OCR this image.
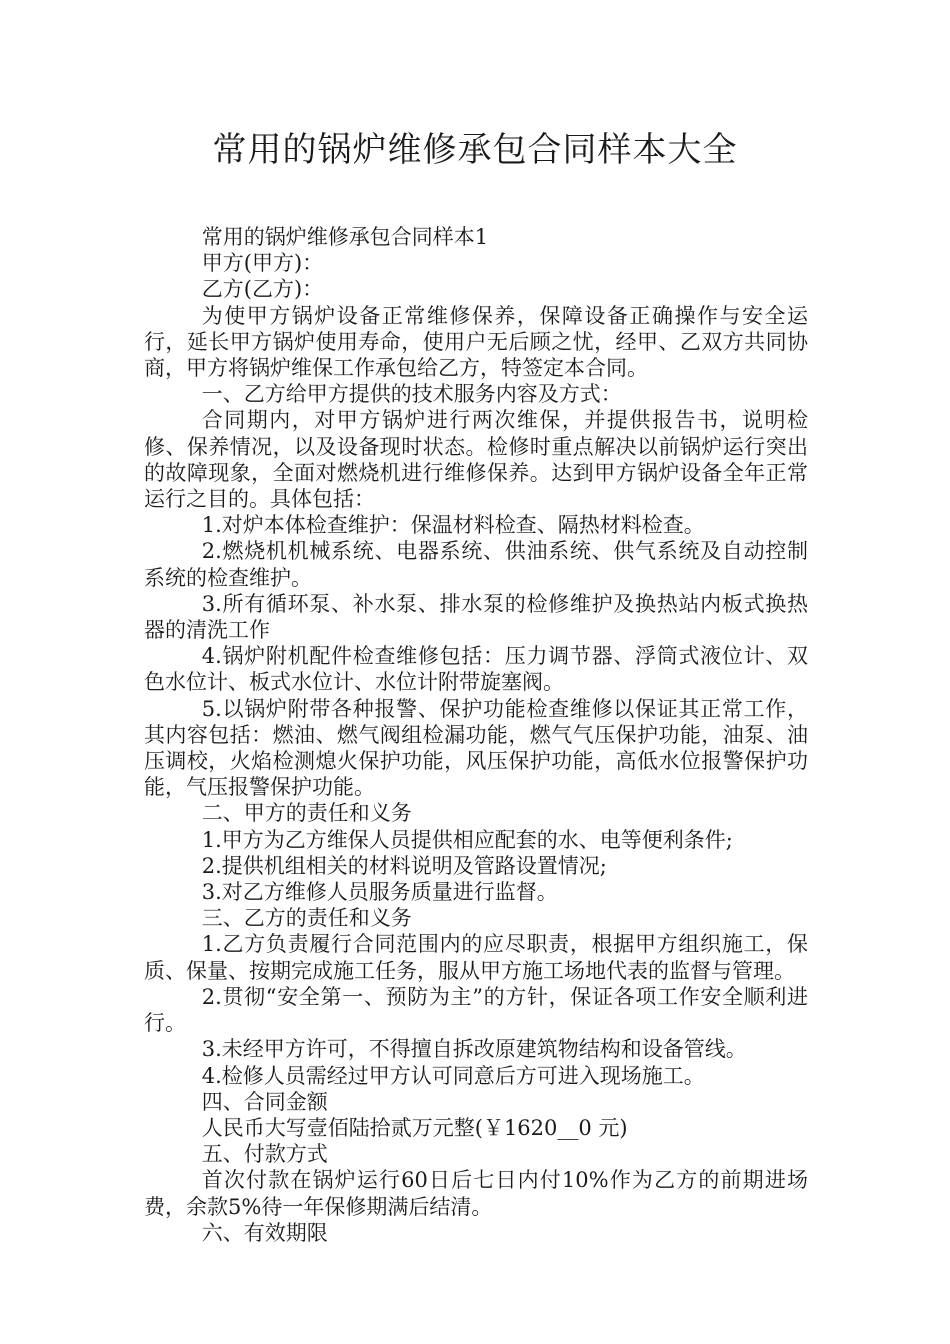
常用的锅炉维修承包合同样本大全

常用的锅炉维修承包合同样本1

甲方(甲方)：

乙方(乙方)：

为使甲方锅炉设备正常维修保养，保障设备正确操作与安全运行，延长甲方锅炉使用寿命，使用户无后顾之忧，经甲、乙双方共同协商，甲方将锅炉维保工作承包给乙方，特签定本合同。

一、乙方给甲方提供的技术服务内容及方式：

合同期内，对甲方锅炉进行两次维保，并提供报告书，说明检修、保养情况，以及设备现时状态。检修时重点解决以前锅炉运行突出的故障现象，全面对燃烧机进行维修保养。达到甲方锅炉设备全年正常运行之目的。具体包括：

1.对炉本体检查维护：保温材料检查、隔热材料检查。

2.燃烧机机械系统、电器系统、供油系统、供气系统及自动控制系统的检查维护。

3.所有循环泵、补水泵、排水泵的检修维护及换热站内板式换热器的清洗工作

4.锅炉附机配件检查维修包括：压力调节器、浮筒式液位计、双色水位计、板式水位计、水位计附带旋塞阀。

5.以锅炉附带各种报警、保护功能检查维修以保证其正常工作，其内容包括：燃油、燃气阀组检漏功能，燃气气压保护功能，油泵、油压调校，火焰检测熄火保护功能，风压保护功能，高低水位报警保护功能，气压报警保护功能。

二、甲方的责任和义务

1.甲方为乙方维保人员提供相应配套的水、电等便利条件;

2.提供机组相关的材料说明及管路设置情况;

3.对乙方维修人员服务质量进行监督。

三、乙方的责任和义务

1.乙方负责履行合同范围内的应尽职责，根据甲方组织施工，保质、保量、按期完成施工任务，服从甲方施工场地代表的监督与管理。

2.贯彻“安全第一、预防为主”的方针，保证各项工作安全顺利进行。

3.未经甲方许可，不得擅自拆改原建筑物结构和设备管线。

4.检修人员需经过甲方认可同意后方可进入现场施工。

四、合同金额

人民币大写壹佰陆拾贰万元整(￥1620__0 元)

五、付款方式

首次付款在锅炉运行60日后七日内付10%作为乙方的前期进场费，余款5%待一年保修期满后结清。

六、有效期限
